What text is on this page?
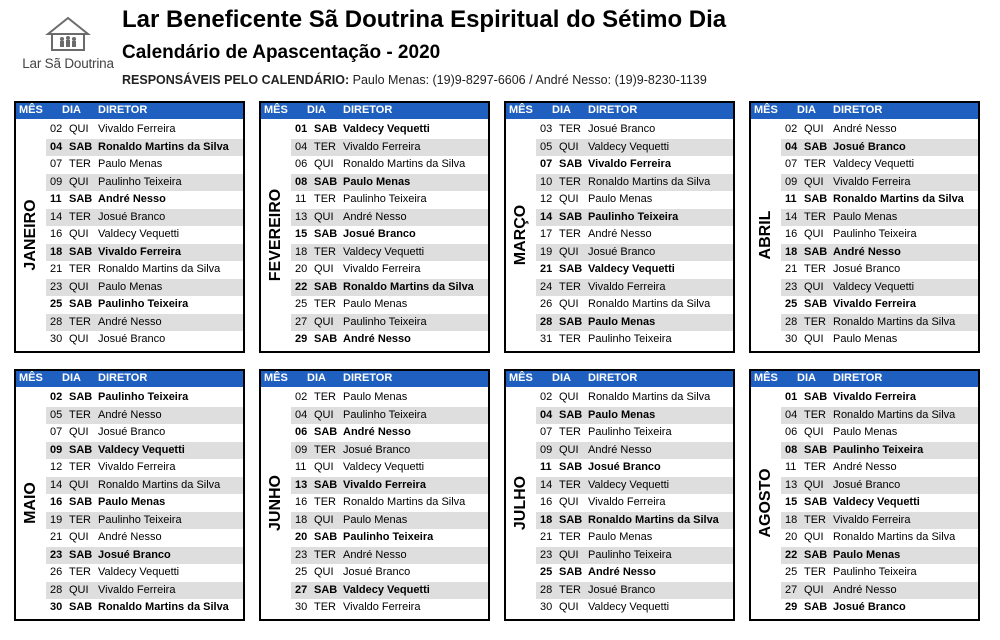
Lar Sã Doutrina
Lar Beneficente Sã Doutrina Espiritual do Sétimo Dia
Calendário de Apascentação - 2020
RESPONSÁVEIS PELO CALENDÁRIO: Paulo Menas: (19)9-8297-6606 / André Nesso: (19)9-8230-1139
MÊS DIA DIRETOR
JANEIRO
02 QUI Vivaldo Ferreira
04 SAB Ronaldo Martins da Silva
07 TER Paulo Menas
09 QUI Paulinho Teixeira
11 SAB André Nesso
14 TER Josué Branco
16 QUI Valdecy Vequetti
18 SAB Vivaldo Ferreira
21 TER Ronaldo Martins da Silva
23 QUI Paulo Menas
25 SAB Paulinho Teixeira
28 TER André Nesso
30 QUI Josué Branco
MÊS DIA DIRETOR
FEVEREIRO
01 SAB Valdecy Vequetti
04 TER Vivaldo Ferreira
06 QUI Ronaldo Martins da Silva
08 SAB Paulo Menas
11 TER Paulinho Teixeira
13 QUI André Nesso
15 SAB Josué Branco
18 TER Valdecy Vequetti
20 QUI Vivaldo Ferreira
22 SAB Ronaldo Martins da Silva
25 TER Paulo Menas
27 QUI Paulinho Teixeira
29 SAB André Nesso
MÊS DIA DIRETOR
MARÇO
03 TER Josué Branco
05 QUI Valdecy Vequetti
07 SAB Vivaldo Ferreira
10 TER Ronaldo Martins da Silva
12 QUI Paulo Menas
14 SAB Paulinho Teixeira
17 TER André Nesso
19 QUI Josué Branco
21 SAB Valdecy Vequetti
24 TER Vivaldo Ferreira
26 QUI Ronaldo Martins da Silva
28 SAB Paulo Menas
31 TER Paulinho Teixeira
MÊS DIA DIRETOR
ABRIL
02 QUI André Nesso
04 SAB Josué Branco
07 TER Valdecy Vequetti
09 QUI Vivaldo Ferreira
11 SAB Ronaldo Martins da Silva
14 TER Paulo Menas
16 QUI Paulinho Teixeira
18 SAB André Nesso
21 TER Josué Branco
23 QUI Valdecy Vequetti
25 SAB Vivaldo Ferreira
28 TER Ronaldo Martins da Silva
30 QUI Paulo Menas
MÊS DIA DIRETOR
MAIO
02 SAB Paulinho Teixeira
05 TER André Nesso
07 QUI Josué Branco
09 SAB Valdecy Vequetti
12 TER Vivaldo Ferreira
14 QUI Ronaldo Martins da Silva
16 SAB Paulo Menas
19 TER Paulinho Teixeira
21 QUI André Nesso
23 SAB Josué Branco
26 TER Valdecy Vequetti
28 QUI Vivaldo Ferreira
30 SAB Ronaldo Martins da Silva
MÊS DIA DIRETOR
JUNHO
02 TER Paulo Menas
04 QUI Paulinho Teixeira
06 SAB André Nesso
09 TER Josué Branco
11 QUI Valdecy Vequetti
13 SAB Vivaldo Ferreira
16 TER Ronaldo Martins da Silva
18 QUI Paulo Menas
20 SAB Paulinho Teixeira
23 TER André Nesso
25 QUI Josué Branco
27 SAB Valdecy Vequetti
30 TER Vivaldo Ferreira
MÊS DIA DIRETOR
JULHO
02 QUI Ronaldo Martins da Silva
04 SAB Paulo Menas
07 TER Paulinho Teixeira
09 QUI André Nesso
11 SAB Josué Branco
14 TER Valdecy Vequetti
16 QUI Vivaldo Ferreira
18 SAB Ronaldo Martins da Silva
21 TER Paulo Menas
23 QUI Paulinho Teixeira
25 SAB André Nesso
28 TER Josué Branco
30 QUI Valdecy Vequetti
MÊS DIA DIRETOR
AGOSTO
01 SAB Vivaldo Ferreira
04 TER Ronaldo Martins da Silva
06 QUI Paulo Menas
08 SAB Paulinho Teixeira
11 TER André Nesso
13 QUI Josué Branco
15 SAB Valdecy Vequetti
18 TER Vivaldo Ferreira
20 QUI Ronaldo Martins da Silva
22 SAB Paulo Menas
25 TER Paulinho Teixeira
27 QUI André Nesso
29 SAB Josué Branco
